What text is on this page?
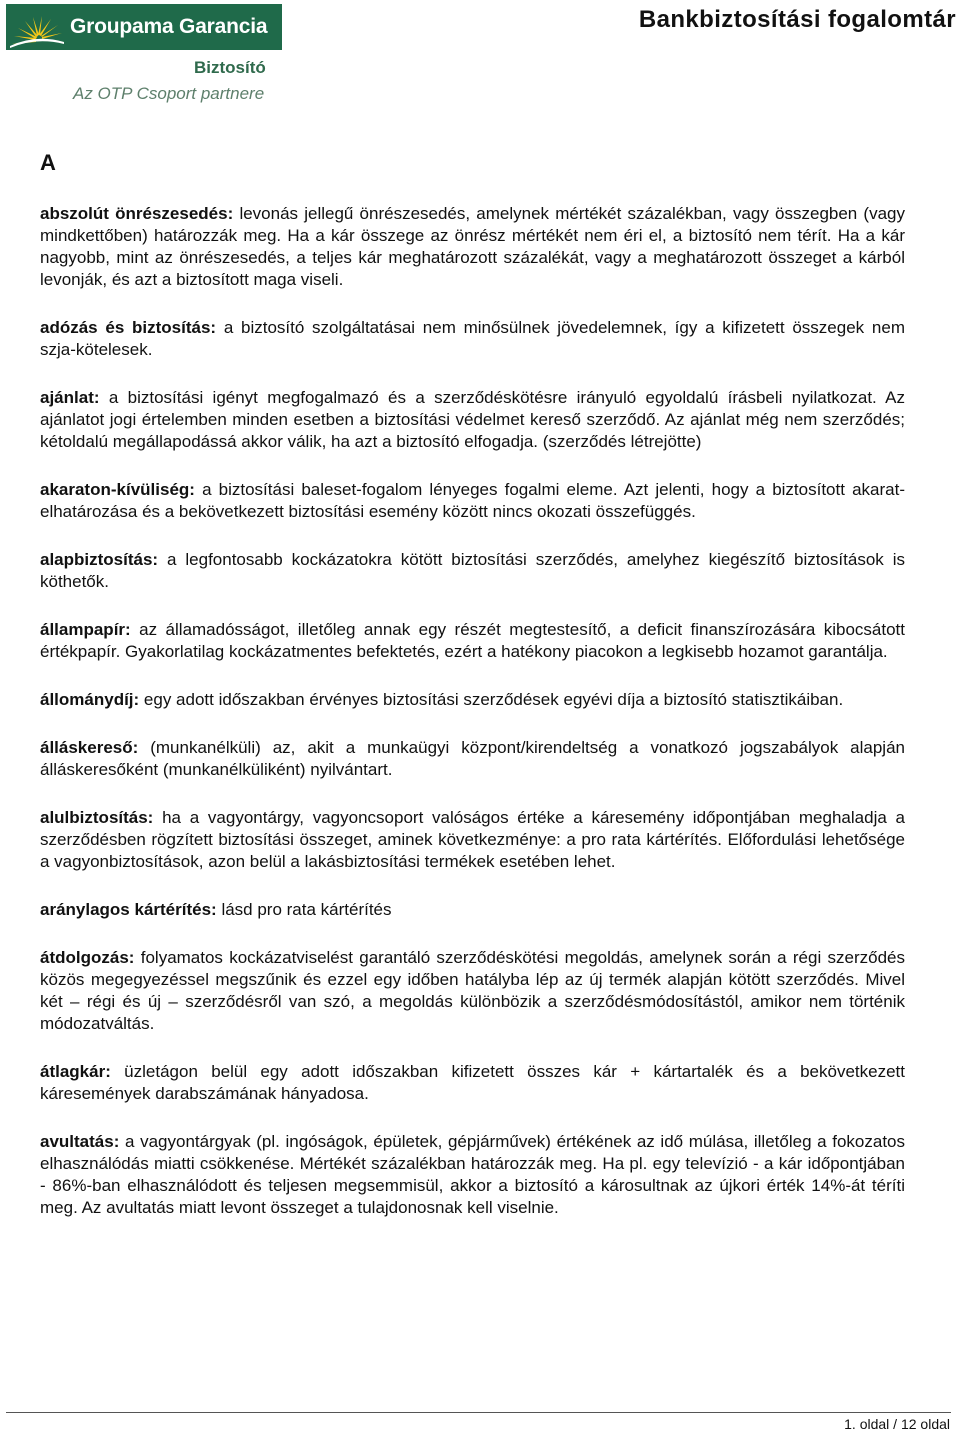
Groupama Garancia
Biztosító
Az OTP Csoport partnere
Bankbiztosítási fogalomtár
A

abszolút önrészesedés: levonás jellegű önrészesedés, amelynek mértékét százalékban, vagy összegben (vagy mindkettőben) határozzák meg. Ha a kár összege az önrész mértékét nem éri el, a biztosító nem térít. Ha a kár nagyobb, mint az önrészesedés, a teljes kár meghatározott százalékát, vagy a meghatározott összeget a kárból levonják, és azt a biztosított maga viseli.

adózás és biztosítás: a biztosító szolgáltatásai nem minősülnek jövedelemnek, így a kifizetett összegek nem szja-kötelesek.

ajánlat: a biztosítási igényt megfogalmazó és a szerződéskötésre irányuló egyoldalú írásbeli nyilatkozat. Az ajánlatot jogi értelemben minden esetben a biztosítási védelmet kereső szerződő. Az ajánlat még nem szerződés; kétoldalú megállapodássá akkor válik, ha azt a biztosító elfogadja. (szerződés létrejötte)

akaraton-kívüliség: a biztosítási baleset-fogalom lényeges fogalmi eleme. Azt jelenti, hogy a biztosított akarat-elhatározása és a bekövetkezett biztosítási esemény között nincs okozati összefüggés.

alapbiztosítás: a legfontosabb kockázatokra kötött biztosítási szerződés, amelyhez kiegészítő biztosítások is köthetők.

állampapír: az államadósságot, illetőleg annak egy részét megtestesítő, a deficit finanszírozására kibocsátott értékpapír. Gyakorlatilag kockázatmentes befektetés, ezért a hatékony piacokon a legkisebb hozamot garantálja.

állománydíj: egy adott időszakban érvényes biztosítási szerződések egyévi díja a biztosító statisztikáiban.

álláskereső: (munkanélküli) az, akit a munkaügyi központ/kirendeltség a vonatkozó jogszabályok alapján álláskeresőként (munkanélküliként) nyilvántart.

alulbiztosítás: ha a vagyontárgy, vagyoncsoport valóságos értéke a káresemény időpontjában meghaladja a szerződésben rögzített biztosítási összeget, aminek következménye: a pro rata kártérítés. Előfordulási lehetősége a vagyonbiztosítások, azon belül a lakásbiztosítási termékek esetében lehet.

aránylagos kártérítés: lásd pro rata kártérítés

átdolgozás: folyamatos kockázatviselést garantáló szerződéskötési megoldás, amelynek során a régi szerződés közös megegyezéssel megszűnik és ezzel egy időben hatályba lép az új termék alapján kötött szerződés. Mivel két – régi és új – szerződésről van szó, a megoldás különbözik a szerződésmódosítástól, amikor nem történik módozatváltás.

átlagkár: üzletágon belül egy adott időszakban kifizetett összes kár + kártartalék és a bekövetkezett káresemények darabszámának hányadosa.

avultatás: a vagyontárgyak (pl. ingóságok, épületek, gépjárművek) értékének az idő múlása, illetőleg a fokozatos elhasználódás miatti csökkenése. Mértékét százalékban határozzák meg. Ha pl. egy televízió - a kár időpontjában - 86%-ban elhasználódott és teljesen megsemmisül, akkor a biztosító a károsultnak az újkori érték 14%-át téríti meg. Az avultatás miatt levont összeget a tulajdonosnak kell viselnie.

1. oldal / 12 oldal
